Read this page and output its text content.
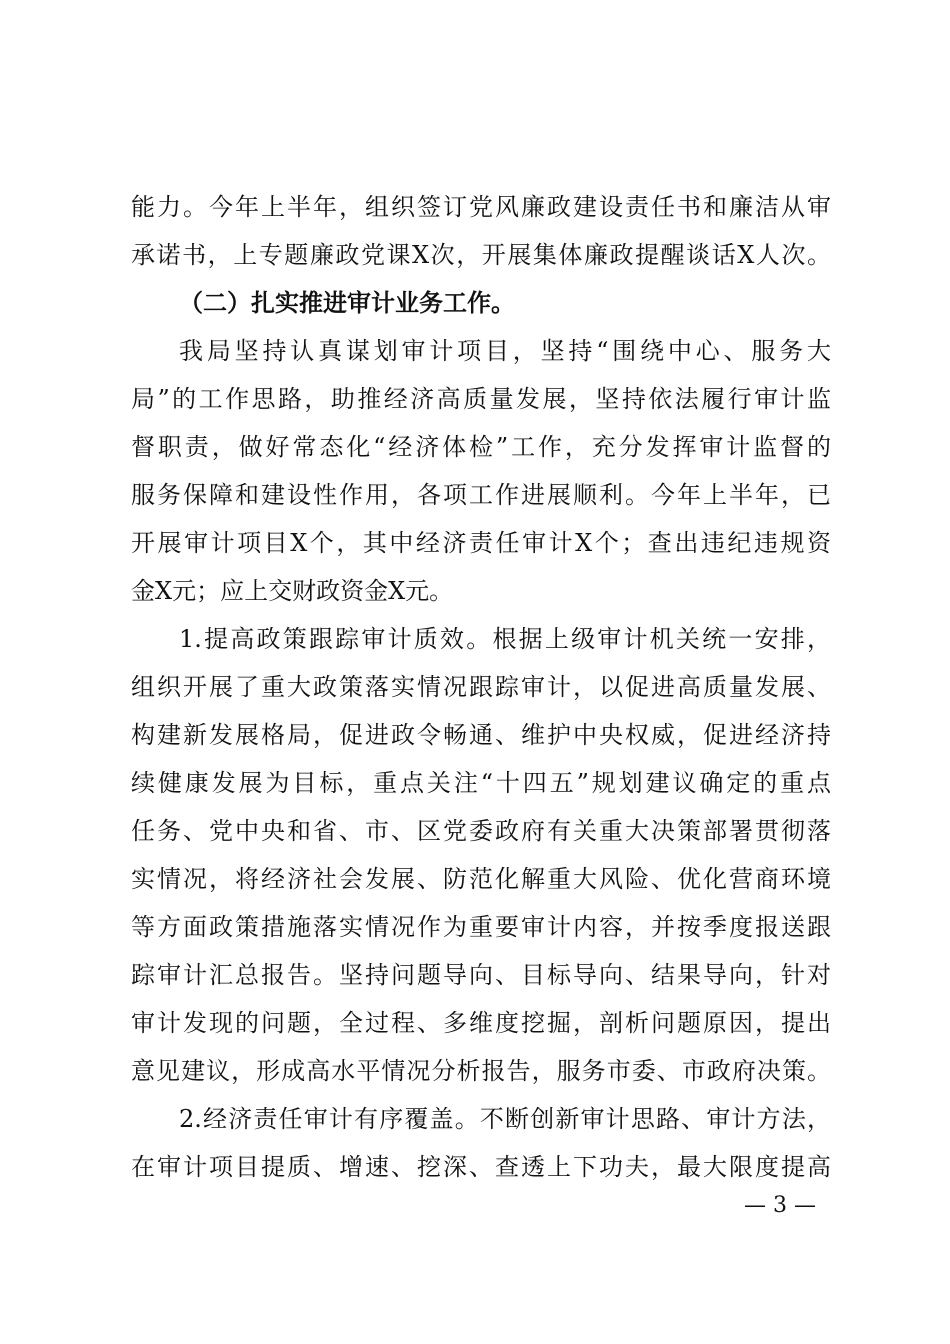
能力。今年上半年，组织签订党风廉政建设责任书和廉洁从审
承诺书，上专题廉政党课X次，开展集体廉政提醒谈话X人次。
（二）扎实推进审计业务工作。
我局坚持认真谋划审计项目，坚持“围绕中心、服务大
局”的工作思路，助推经济高质量发展，坚持依法履行审计监
督职责，做好常态化“经济体检”工作，充分发挥审计监督的
服务保障和建设性作用，各项工作进展顺利。今年上半年，已
开展审计项目X个，其中经济责任审计X个；查出违纪违规资
金X元；应上交财政资金X元。
1.提高政策跟踪审计质效。根据上级审计机关统一安排，
组织开展了重大政策落实情况跟踪审计，以促进高质量发展、
构建新发展格局，促进政令畅通、维护中央权威，促进经济持
续健康发展为目标，重点关注“十四五”规划建议确定的重点
任务、党中央和省、市、区党委政府有关重大决策部署贯彻落
实情况，将经济社会发展、防范化解重大风险、优化营商环境
等方面政策措施落实情况作为重要审计内容，并按季度报送跟
踪审计汇总报告。坚持问题导向、目标导向、结果导向，针对
审计发现的问题，全过程、多维度挖掘，剖析问题原因，提出
意见建议，形成高水平情况分析报告，服务市委、市政府决策。
2.经济责任审计有序覆盖。不断创新审计思路、审计方法，
在审计项目提质、增速、挖深、查透上下功夫，最大限度提高
— 3 —
